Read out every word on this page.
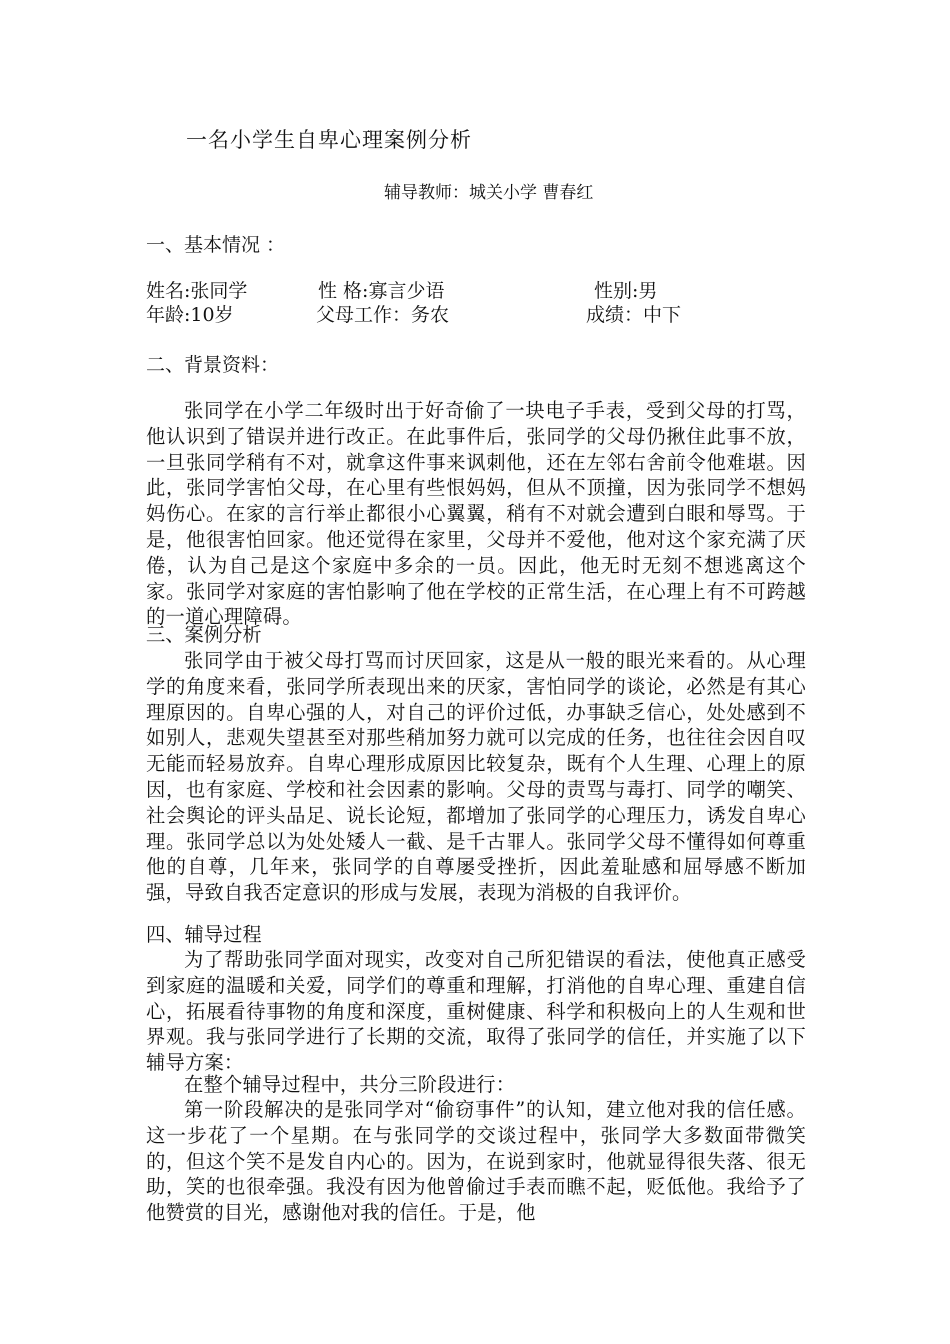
一名小学生自卑心理案例分析
辅导教师：城关小学 曹春红
一、基本情况 ：
姓名:张同学	性 格:寡言少语	性别:男
年龄:10岁	父母工作：务农	成绩：中下
二、背景资料：

张同学在小学二年级时出于好奇偷了一块电子手表，受到父母的打骂，他认识到了错误并进行改正。在此事件后，张同学的父母仍揪住此事不放，一旦张同学稍有不对，就拿这件事来讽刺他，还在左邻右舍前令他难堪。因此，张同学害怕父母，在心里有些恨妈妈，但从不顶撞，因为张同学不想妈妈伤心。在家的言行举止都很小心翼翼，稍有不对就会遭到白眼和辱骂。于是，他很害怕回家。他还觉得在家里，父母并不爱他，他对这个家充满了厌倦，认为自己是这个家庭中多余的一员。因此，他无时无刻不想逃离这个家。张同学对家庭的害怕影响了他在学校的正常生活，在心理上有不可跨越的一道心理障碍。

三、案例分析

张同学由于被父母打骂而讨厌回家，这是从一般的眼光来看的。从心理学的角度来看，张同学所表现出来的厌家，害怕同学的谈论，必然是有其心理原因的。自卑心强的人，对自己的评价过低，办事缺乏信心，处处感到不如别人，悲观失望甚至对那些稍加努力就可以完成的任务，也往往会因自叹无能而轻易放弃。自卑心理形成原因比较复杂，既有个人生理、心理上的原因，也有家庭、学校和社会因素的影响。父母的责骂与毒打、同学的嘲笑、社会舆论的评头品足、说长论短，都增加了张同学的心理压力，诱发自卑心理。张同学总以为处处矮人一截、是千古罪人。张同学父母不懂得如何尊重他的自尊，几年来，张同学的自尊屡受挫折，因此羞耻感和屈辱感不断加强，导致自我否定意识的形成与发展，表现为消极的自我评价。

四、辅导过程

为了帮助张同学面对现实，改变对自己所犯错误的看法，使他真正感受到家庭的温暖和关爱，同学们的尊重和理解，打消他的自卑心理、重建自信心，拓展看待事物的角度和深度，重树健康、科学和积极向上的人生观和世界观。我与张同学进行了长期的交流，取得了张同学的信任，并实施了以下辅导方案：

在整个辅导过程中，共分三阶段进行：

第一阶段解决的是张同学对“偷窃事件”的认知，建立他对我的信任感。这一步花了一个星期。在与张同学的交谈过程中，张同学大多数面带微笑的，但这个笑不是发自内心的。因为，在说到家时，他就显得很失落、很无助，笑的也很牵强。我没有因为他曾偷过手表而瞧不起，贬低他。我给予了他赞赏的目光，感谢他对我的信任。于是，他
